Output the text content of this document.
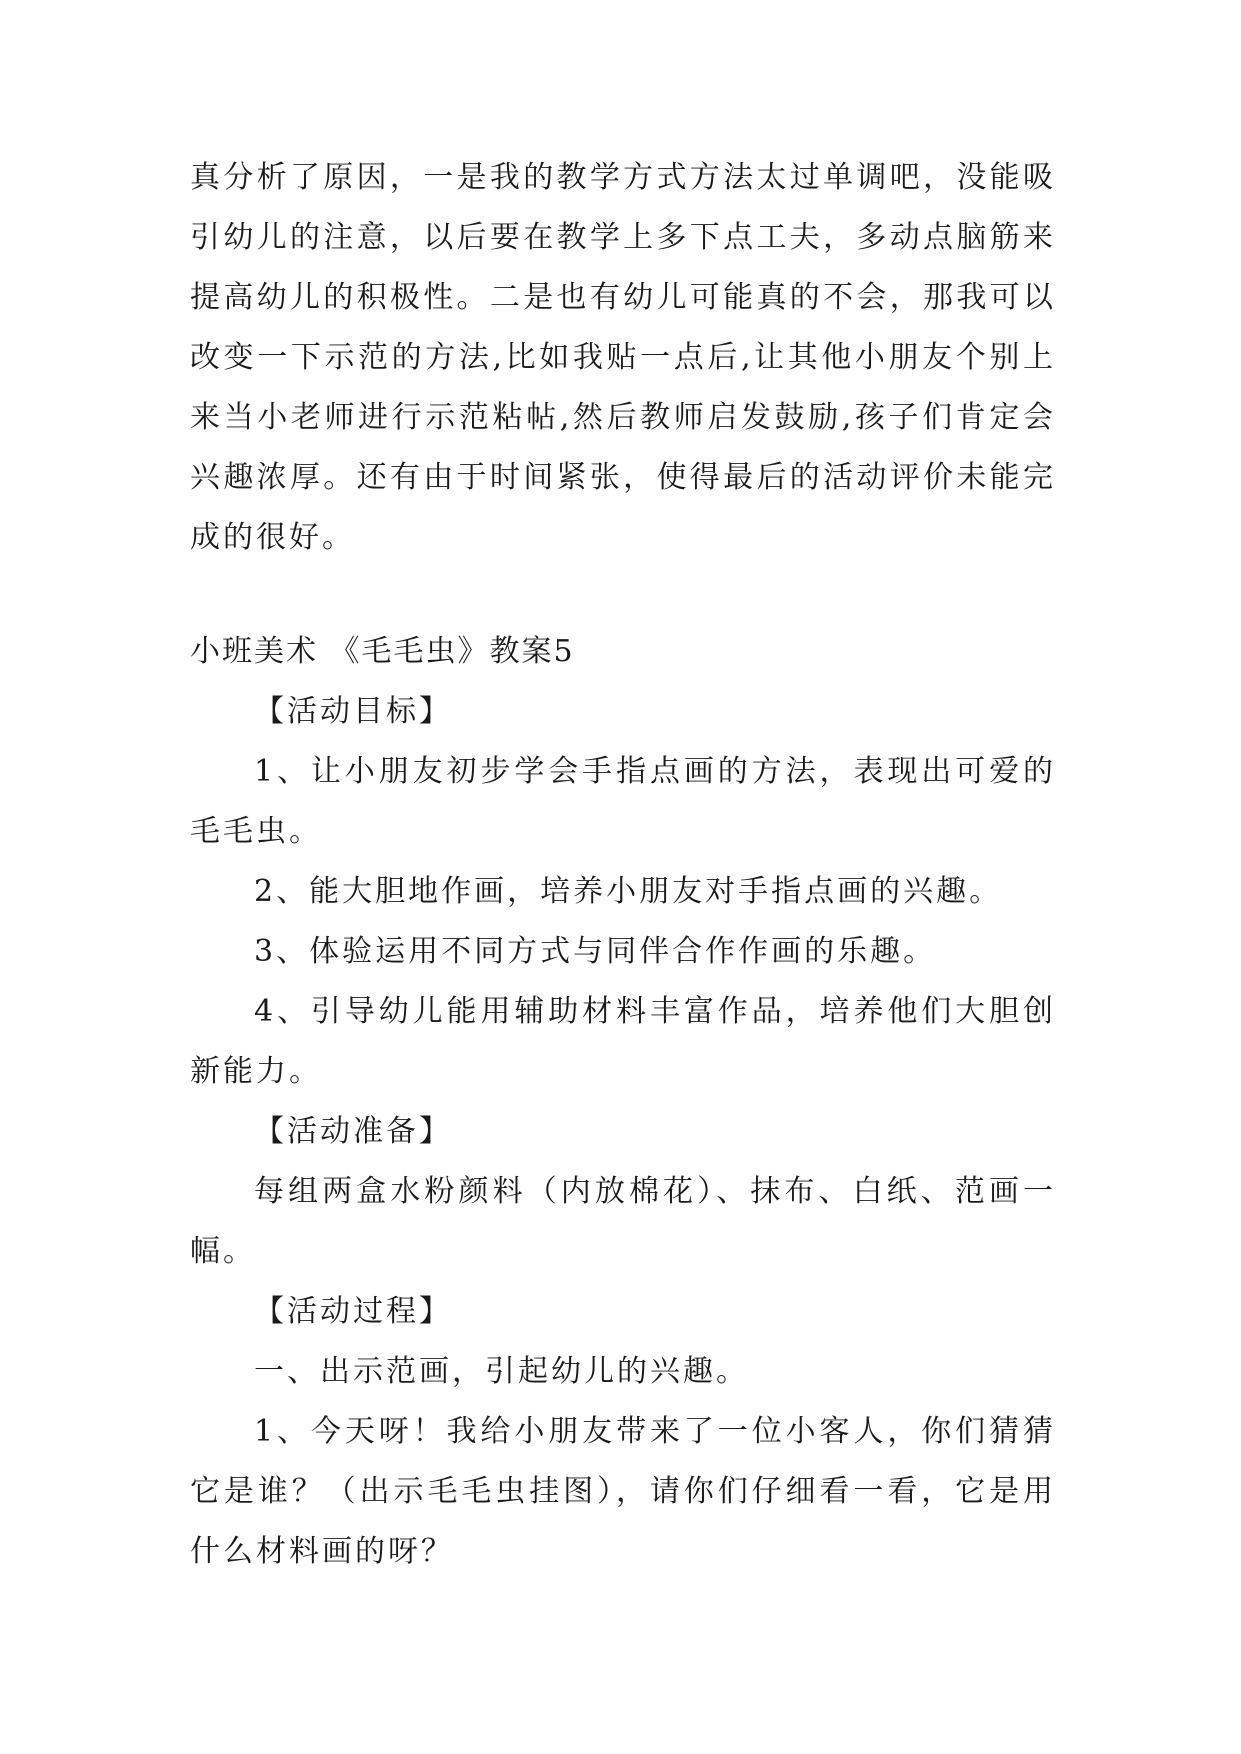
真分析了原因，一是我的教学方式方法太过单调吧，没能吸引幼儿的注意，以后要在教学上多下点工夫，多动点脑筋来提高幼儿的积极性。二是也有幼儿可能真的不会，那我可以改变一下示范的方法,比如我贴一点后,让其他小朋友个别上来当小老师进行示范粘帖,然后教师启发鼓励,孩子们肯定会兴趣浓厚。还有由于时间紧张，使得最后的活动评价未能完成的很好。

小班美术 《毛毛虫》教案5

【活动目标】

1、让小朋友初步学会手指点画的方法，表现出可爱的毛毛虫。

2、能大胆地作画，培养小朋友对手指点画的兴趣。

3、体验运用不同方式与同伴合作作画的乐趣。

4、引导幼儿能用辅助材料丰富作品，培养他们大胆创新能力。

【活动准备】

每组两盒水粉颜料（内放棉花）、抹布、白纸、范画一幅。

【活动过程】

一、出示范画，引起幼儿的兴趣。

1、今天呀！我给小朋友带来了一位小客人，你们猜猜它是谁？（出示毛毛虫挂图），请你们仔细看一看，它是用什么材料画的呀？
